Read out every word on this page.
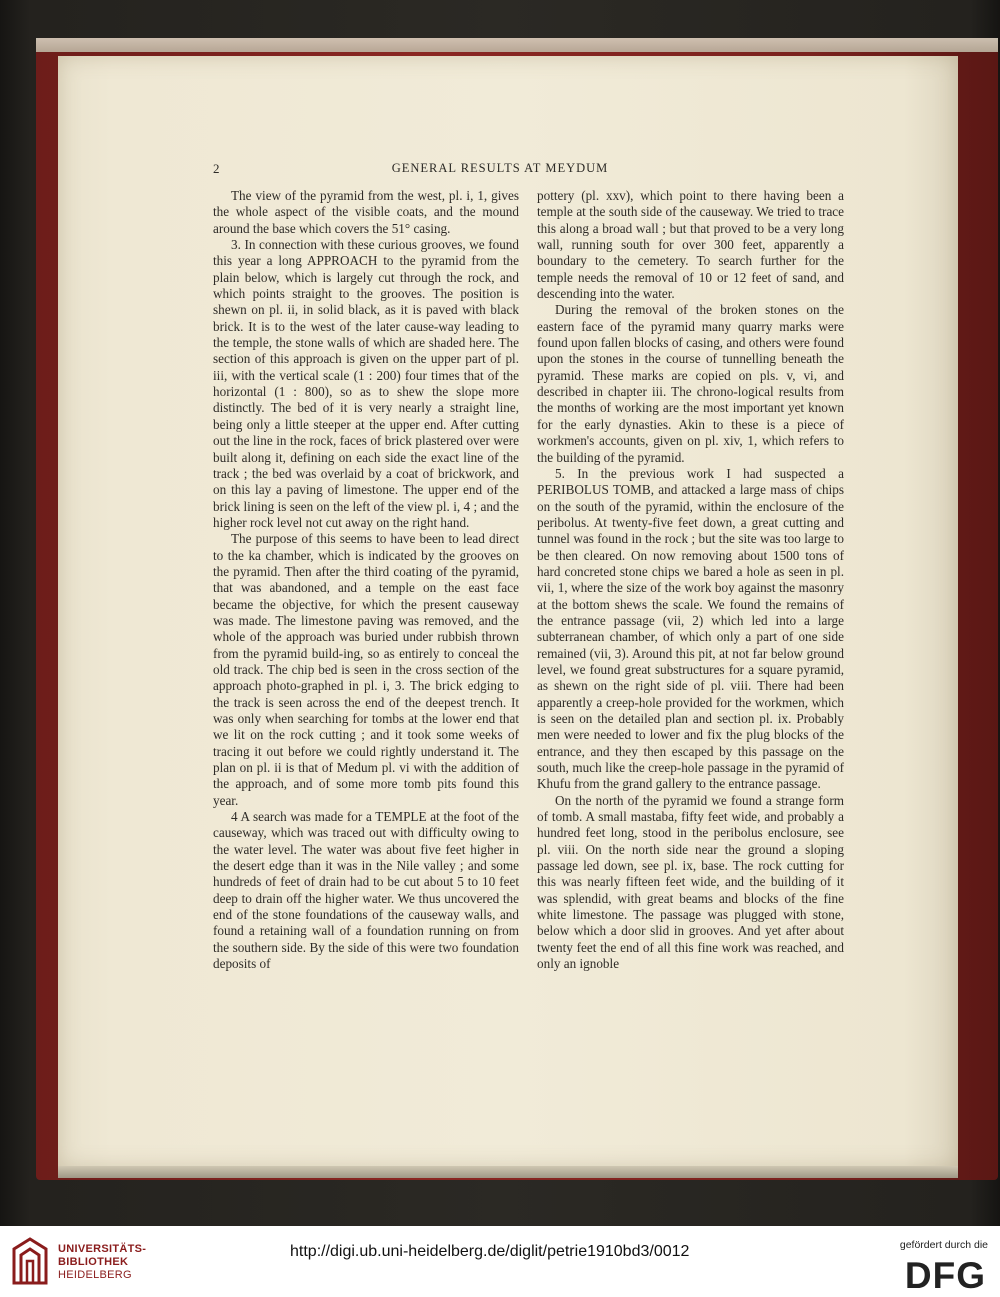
2	GENERAL RESULTS AT MEYDUM

The view of the pyramid from the west, pl. i, 1, gives the whole aspect of the visible coats, and the mound around the base which covers the 51° casing.

3. In connection with these curious grooves, we found this year a long APPROACH to the pyramid from the plain below, which is largely cut through the rock, and which points straight to the grooves. The position is shewn on pl. ii, in solid black, as it is paved with black brick. It is to the west of the later cause-way leading to the temple, the stone walls of which are shaded here. The section of this approach is given on the upper part of pl. iii, with the vertical scale (1 : 200) four times that of the horizontal (1 : 800), so as to shew the slope more distinctly. The bed of it is very nearly a straight line, being only a little steeper at the upper end. After cutting out the line in the rock, faces of brick plastered over were built along it, defining on each side the exact line of the track ; the bed was overlaid by a coat of brickwork, and on this lay a paving of limestone. The upper end of the brick lining is seen on the left of the view pl. i, 4 ; and the higher rock level not cut away on the right hand.

The purpose of this seems to have been to lead direct to the ka chamber, which is indicated by the grooves on the pyramid. Then after the third coating of the pyramid, that was abandoned, and a temple on the east face became the objective, for which the present causeway was made. The limestone paving was removed, and the whole of the approach was buried under rubbish thrown from the pyramid build-ing, so as entirely to conceal the old track. The chip bed is seen in the cross section of the approach photo-graphed in pl. i, 3. The brick edging to the track is seen across the end of the deepest trench. It was only when searching for tombs at the lower end that we lit on the rock cutting ; and it took some weeks of tracing it out before we could rightly understand it. The plan on pl. ii is that of Medum pl. vi with the addition of the approach, and of some more tomb pits found this year.

4 A search was made for a TEMPLE at the foot of the causeway, which was traced out with difficulty owing to the water level. The water was about five feet higher in the desert edge than it was in the Nile valley ; and some hundreds of feet of drain had to be cut about 5 to 10 feet deep to drain off the higher water. We thus uncovered the end of the stone foundations of the causeway walls, and found a retaining wall of a foundation running on from the southern side. By the side of this were two foundation deposits of

pottery (pl. xxv), which point to there having been a temple at the south side of the causeway. We tried to trace this along a broad wall ; but that proved to be a very long wall, running south for over 300 feet, apparently a boundary to the cemetery. To search further for the temple needs the removal of 10 or 12 feet of sand, and descending into the water.

During the removal of the broken stones on the eastern face of the pyramid many quarry marks were found upon fallen blocks of casing, and others were found upon the stones in the course of tunnelling beneath the pyramid. These marks are copied on pls. v, vi, and described in chapter iii. The chrono-logical results from the months of working are the most important yet known for the early dynasties. Akin to these is a piece of workmen's accounts, given on pl. xiv, 1, which refers to the building of the pyramid.

5. In the previous work I had suspected a PERIBOLUS TOMB, and attacked a large mass of chips on the south of the pyramid, within the enclosure of the peribolus. At twenty-five feet down, a great cutting and tunnel was found in the rock ; but the site was too large to be then cleared. On now removing about 1500 tons of hard concreted stone chips we bared a hole as seen in pl. vii, 1, where the size of the work boy against the masonry at the bottom shews the scale. We found the remains of the entrance passage (vii, 2) which led into a large subterranean chamber, of which only a part of one side remained (vii, 3). Around this pit, at not far below ground level, we found great substructures for a square pyramid, as shewn on the right side of pl. viii. There had been apparently a creep-hole provided for the workmen, which is seen on the detailed plan and section pl. ix. Probably men were needed to lower and fix the plug blocks of the entrance, and they then escaped by this passage on the south, much like the creep-hole passage in the pyramid of Khufu from the grand gallery to the entrance passage.

On the north of the pyramid we found a strange form of tomb. A small mastaba, fifty feet wide, and probably a hundred feet long, stood in the peribolus enclosure, see pl. viii. On the north side near the ground a sloping passage led down, see pl. ix, base. The rock cutting for this was nearly fifteen feet wide, and the building of it was splendid, with great beams and blocks of the fine white limestone. The passage was plugged with stone, below which a door slid in grooves. And yet after about twenty feet the end of all this fine work was reached, and only an ignoble

UNIVERSITÄTS-
BIBLIOTHEK
HEIDELBERG
http://digi.ub.uni-heidelberg.de/diglit/petrie1910bd3/0012	gefördert durch die
DFG
